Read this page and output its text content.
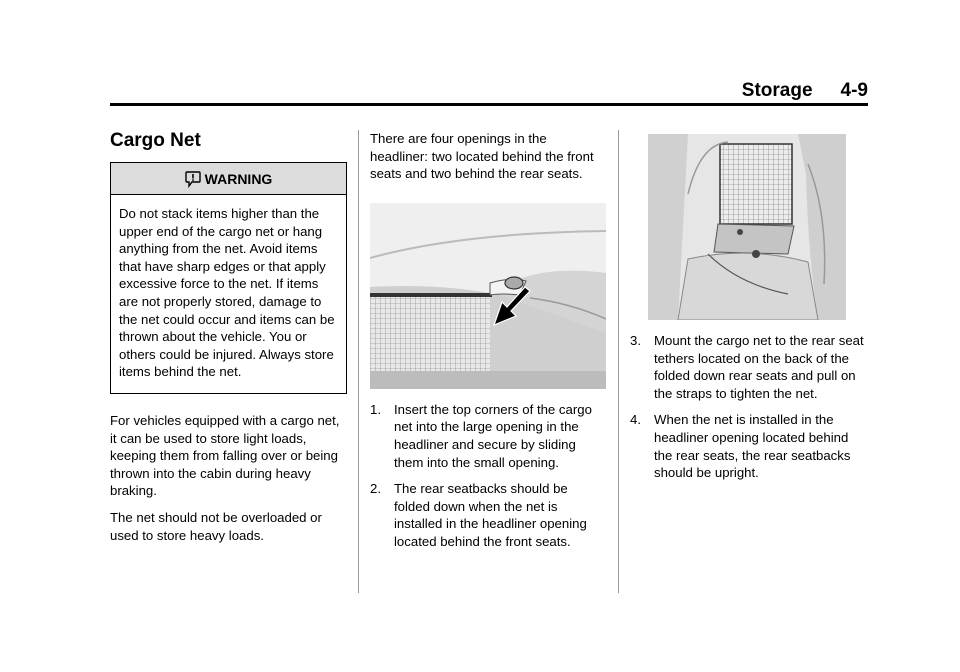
Storage 4-9
Cargo Net
WARNING
Do not stack items higher than the upper end of the cargo net or hang anything from the net. Avoid items that have sharp edges or that apply excessive force to the net. If items are not properly stored, damage to the net could occur and items can be thrown about the vehicle. You or others could be injured. Always store items behind the net.

For vehicles equipped with a cargo net, it can be used to store light loads, keeping them from falling over or being thrown into the cabin during heavy braking.

The net should not be overloaded or used to store heavy loads.

There are four openings in the headliner: two located behind the front seats and two behind the rear seats.

1. Insert the top corners of the cargo net into the large opening in the headliner and secure by sliding them into the small opening.
2. The rear seatbacks should be folded down when the net is installed in the headliner opening located behind the front seats.
3. Mount the cargo net to the rear seat tethers located on the back of the folded down rear seats and pull on the straps to tighten the net.
4. When the net is installed in the headliner opening located behind the rear seats, the rear seatbacks should be upright.
